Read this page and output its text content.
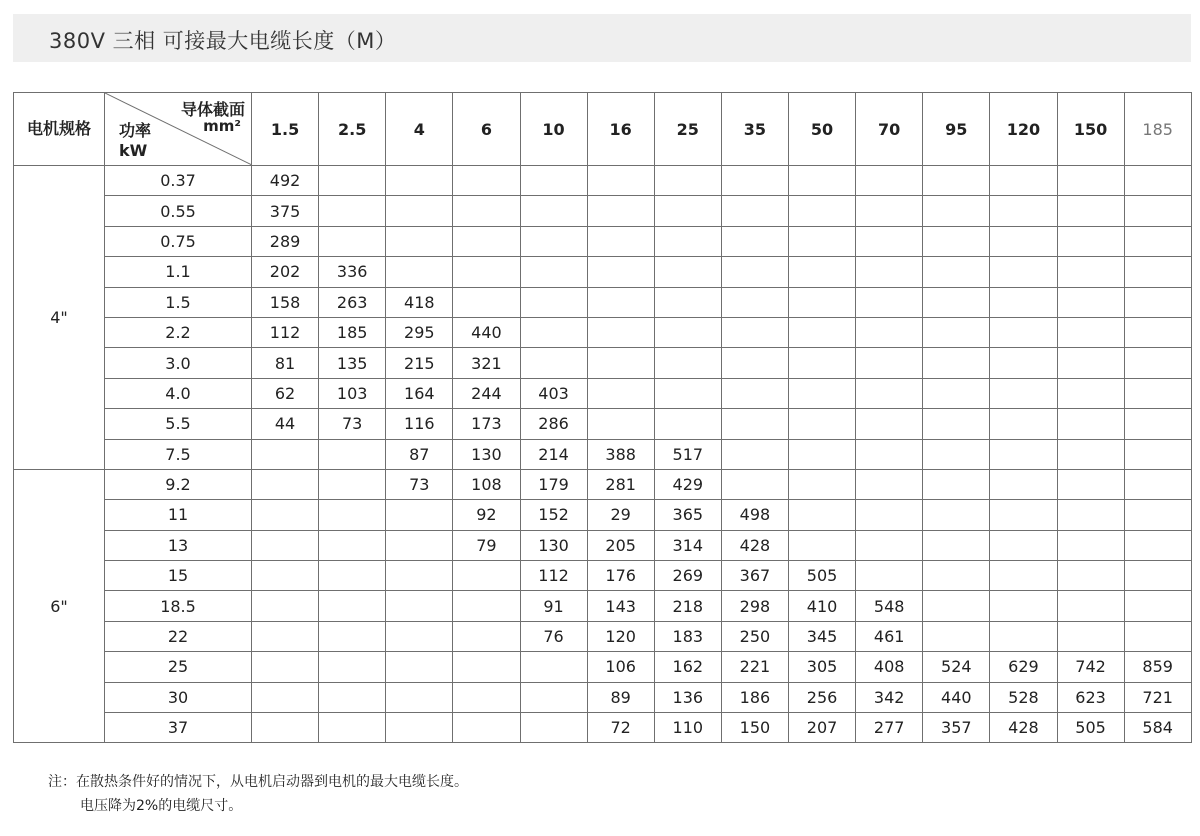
380V 三相 可接最大电缆长度（M）
电机规格	导体截面
mm²
功率
kW	1.5	2.5	4	6	10	16	25	35	50	70	95	120	150	185
4"	0.37	492													
	0.55	375													
	0.75	289													
	1.1	202	336												
	1.5	158	263	418											
	2.2	112	185	295	440										
	3.0	81	135	215	321										
	4.0	62	103	164	244	403									
	5.5	44	73	116	173	286									
	7.5			87	130	214	388	517							
6"	9.2			73	108	179	281	429							
	11				92	152	29	365	498						
	13				79	130	205	314	428						
	15					112	176	269	367	505					
	18.5					91	143	218	298	410	548				
	22					76	120	183	250	345	461				
	25						106	162	221	305	408	524	629	742	859
	30						89	136	186	256	342	440	528	623	721
	37						72	110	150	207	277	357	428	505	584
注：在散热条件好的情况下，从电机启动器到电机的最大电缆长度。
电压降为2%的电缆尺寸。
